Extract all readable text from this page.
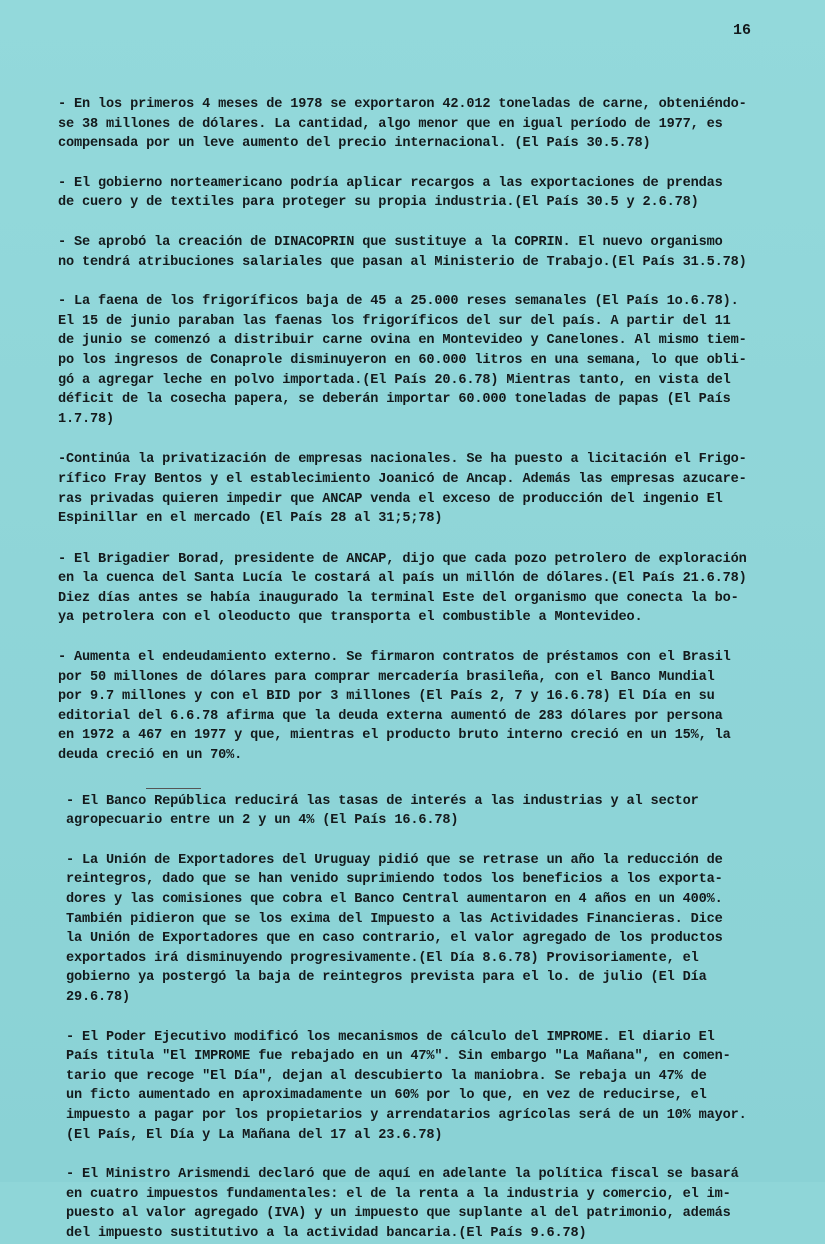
16
- En los primeros 4 meses de 1978 se exportaron 42.012 toneladas de carne, obteniéndo-
se 38 millones de dólares. La cantidad, algo menor que en igual período de 1977, es
compensada por un leve aumento del precio internacional. (El País 30.5.78)
- El gobierno norteamericano podría aplicar recargos a las exportaciones de prendas
de cuero y de textiles para proteger su propia industria.(El País 30.5 y 2.6.78)
- Se aprobó la creación de DINACOPRIN que sustituye a la COPRIN. El nuevo organismo
no tendrá atribuciones salariales que pasan al Ministerio de Trabajo.(El País 31.5.78)
- La faena de los frigoríficos baja de 45 a 25.000 reses semanales (El País 1o.6.78).
El 15 de junio paraban las faenas los frigoríficos del sur del país. A partir del 11
de junio se comenzó a distribuir carne ovina en Montevideo y Canelones. Al mismo tiem-
po los ingresos de Conaprole disminuyeron en 60.000 litros en una semana, lo que obli-
gó a agregar leche en polvo importada.(El País 20.6.78) Mientras tanto, en vista del
déficit de la cosecha papera, se deberán importar 60.000 toneladas de papas (El País
1.7.78)
-Continúa la privatización de empresas nacionales. Se ha puesto a licitación el Frigo-
rífico Fray Bentos y el establecimiento Joanicó de Ancap. Además las empresas azucare-
ras privadas quieren impedir que ANCAP venda el exceso de producción del ingenio El
Espinillar en el mercado (El País 28 al 31;5;78)
- El Brigadier Borad, presidente de ANCAP, dijo que cada pozo petrolero de exploración
en la cuenca del Santa Lucía le costará al país un millón de dólares.(El País 21.6.78)
Diez días antes se había inaugurado la terminal Este del organismo que conecta la bo-
ya petrolera con el oleoducto que transporta el combustible a Montevideo.
- Aumenta el endeudamiento externo. Se firmaron contratos de préstamos con el Brasil
por 50 millones de dólares para comprar mercadería brasileña, con el Banco Mundial
por 9.7 millones y con el BID por 3 millones (El País 2, 7 y 16.6.78) El Día en su
editorial del 6.6.78 afirma que la deuda externa aumentó de 283 dólares por persona
en 1972 a 467 en 1977 y que, mientras el producto bruto interno creció en un 15%, la
deuda creció en un 70%.
- El Banco República reducirá las tasas de interés a las industrias y al sector
agropecuario entre un 2 y un 4% (El País 16.6.78)
- La Unión de Exportadores del Uruguay pidió que se retrase un año la reducción de
reintegros, dado que se han venido suprimiendo todos los beneficios a los exporta-
dores y las comisiones que cobra el Banco Central aumentaron en 4 años en un 400%.
También pidieron que se los exima del Impuesto a las Actividades Financieras. Dice
la Unión de Exportadores que en caso contrario, el valor agregado de los productos
exportados irá disminuyendo progresivamente.(El Día 8.6.78) Provisoriamente, el
gobierno ya postergó la baja de reintegros prevista para el lo. de julio (El Día
29.6.78)
- El Poder Ejecutivo modificó los mecanismos de cálculo del IMPROME. El diario El
País titula "El IMPROME fue rebajado en un 47%". Sin embargo "La Mañana", en comen-
tario que recoge "El Día", dejan al descubierto la maniobra. Se rebaja un 47% de
un ficto aumentado en aproximadamente un 60% por lo que, en vez de reducirse, el
impuesto a pagar por los propietarios y arrendatarios agrícolas será de un 10% mayor.
(El País, El Día y La Mañana del 17 al 23.6.78)
- El Ministro Arismendi declaró que de aquí en adelante la política fiscal se basará
en cuatro impuestos fundamentales: el de la renta a la industria y comercio, el im-
puesto al valor agregado (IVA) y un impuesto que suplante al del patrimonio, además
del impuesto sustitutivo a la actividad bancaria.(El País 9.6.78)
